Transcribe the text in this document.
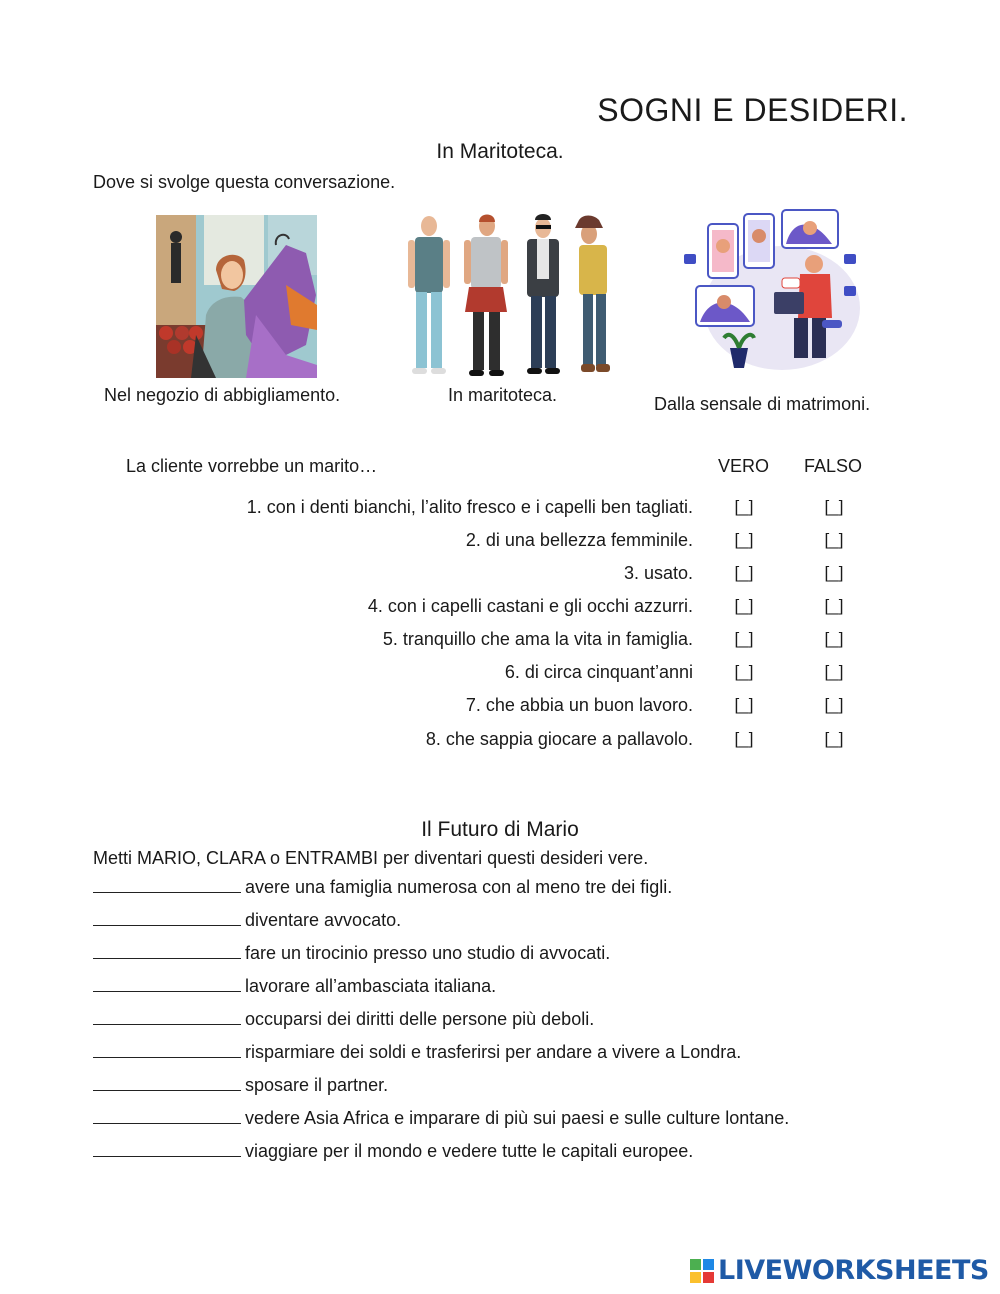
SOGNI E DESIDERI.
In Maritoteca.
Dove si svolge questa conversazione.
Nel negozio di abbigliamento.	In maritoteca.	Dalla sensale di matrimoni.
La cliente vorrebbe un marito…	VERO FALSO
1. con i denti bianchi, l’alito fresco e i capelli ben tagliati. [_]	[_]
2. di una bellezza femminile. [_]	[_]
3. usato. [_]	[_]
4. con i capelli castani e gli occhi azzurri. [_]	[_]
5. tranquillo che ama la vita in famiglia. [_]	[_]
6. di circa cinquant’anni [_]	[_]
7. che abbia un buon lavoro. [_]	[_]
8. che sappia giocare a pallavolo. [_]	[_]
Il Futuro di Mario
Metti MARIO, CLARA o ENTRAMBI per diventari questi desideri vere.
avere una famiglia numerosa con al meno tre dei figli.
diventare avvocato.
fare un tirocinio presso uno studio di avvocati.
lavorare all’ambasciata italiana.
occuparsi dei diritti delle persone più deboli.
risparmiare dei soldi e trasferirsi per andare a vivere a Londra.
sposare il partner.
vedere Asia Africa e imparare di più sui paesi e sulle culture lontane.
viaggiare per il mondo e vedere tutte le capitali europee.
LIVEWORKSHEETS
